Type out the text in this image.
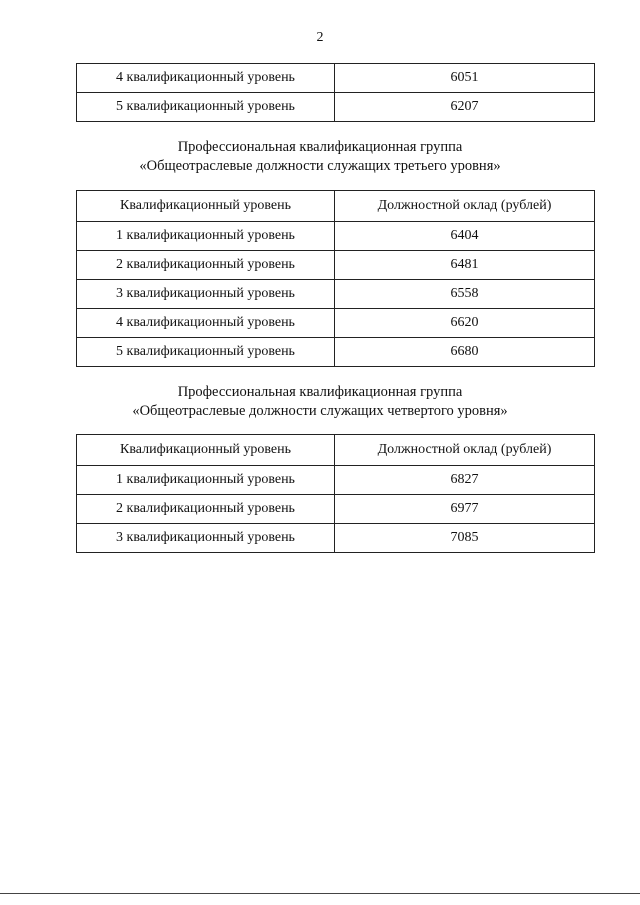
2
4 квалификационный уровень	6051
5 квалификационный уровень	6207
Профессиональная квалификационная группа
«Общеотраслевые должности служащих третьего уровня»
Квалификационный уровень	Должностной оклад (рублей)
1 квалификационный уровень	6404
2 квалификационный уровень	6481
3 квалификационный уровень	6558
4 квалификационный уровень	6620
5 квалификационный уровень	6680
Профессиональная квалификационная группа
«Общеотраслевые должности служащих четвертого уровня»
Квалификационный уровень	Должностной оклад (рублей)
1 квалификационный уровень	6827
2 квалификационный уровень	6977
3 квалификационный уровень	7085
